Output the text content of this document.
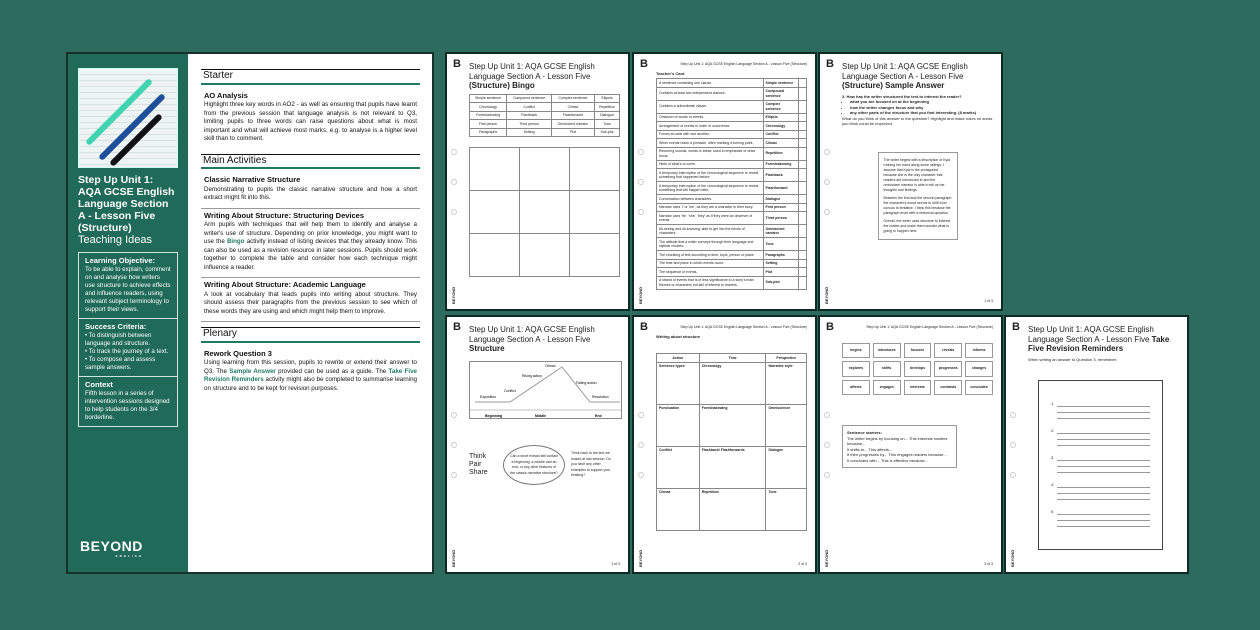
Step Up Unit 1: AQA GCSE English Language Section A - Lesson Five (Structure)
Teaching Ideas
Learning Objective:

To be able to explain, comment on and analyse how writers use structure to achieve effects and influence readers, using relevant subject terminology to support their views.

Success Criteria:
• To distinguish between language and structure.
• To track the journey of a text.
• To compose and assess sample answers.
Context

Fifth lesson in a series of intervention sessions designed to help students on the 3/4 borderline.

BEYOND
ENGLISH
Starter
AO Analysis

Highlight three key words in AO2 - as well as ensuring that pupils have learnt from the previous session that language analysis is not relevant to Q3, limiting pupils to three words can raise questions about what is most important and what will achieve most marks, e.g. to analyse is a higher level skill than to comment.

Main Activities
Classic Narrative Structure

Demonstrating to pupils the classic narrative structure and how a short extract might fit into this.

Writing About Structure: Structuring Devices

Arm pupils with techniques that will help them to identify and analyse a writer's use of structure. Depending on prior knowledge, you might want to use the Bingo activity instead of listing devices that they already know. This can also be used as a revision resource in later sessions. Pupils should work together to complete the table and consider how each technique might influence a reader.

Writing About Structure: Academic Language

A look at vocabulary that leads pupils into writing about structure. They should assess their paragraphs from the previous session to see which of these words they are using and which might help them to improve.

Plenary
Rework Question 3

Using learning from this session, pupils to rewrite or extend their answer to Q3. The Sample Answer provided can be used as a guide. The Take Five Revision Reminders activity might also be completed to summarise learning on structure and to be kept for revision purposes.

B Step Up Unit 1: AQA GCSE English Language Section A - Lesson Five (Structure) Bingo
Simple sentence	Compound sentence	Complex sentence	Ellipsis
Chronology	Conflict	Climax	Repetition
Foreshadowing	Flashback	Flashforward	Dialogue
First person	Third person	Omniscient narrator	Tone
Paragraphs	Setting	Plot	Sub-plot

BEYOND
B	Step Up Unit 1: AQA GCSE English Language Section A - Lesson Five (Structure)
Teacher's Card
A sentence containing one clause.	Simple sentence	
Contains at least two independent clauses.	Compound sentence	
Contains a subordinate clause.	Complex sentence	
Omission of words or events.	Ellipsis	
Arrangement of events in order of occurrence.	Chronology	
Forces at odds with one another.	Conflict	
When events reach a pinnacle, often marking a turning point.	Climax	
Recurring sounds, words or ideas; used to emphasise or draw focus.	Repetition	
Hints of what's to come.	Foreshadowing	
A temporary interruption of the chronological sequence to reveal something that happened before.	Flashback	
A temporary interruption of the chronological sequence to reveal something that will happen later.	Flashforward	
Conversation between characters.	Dialogue	
Narrator uses 'I' or 'me', as they are a character in their story.	First person	
Narrator uses 'he', 'she', 'they' as if they were an observer of events.	Third person	
All-seeing and all-knowing; able to get into the minds of characters.	Omniscient narrator	
The attitude that a writer conveys through their language and stylistic choices.	Tone	
The chunking of text according to time, topic, person or place.	Paragraphs	
The time and place in which events occur.	Setting	
The sequence of events.	Plot	
A strand of events that is of less significance to a story's main themes or characters but still of interest to readers.	Sub-plot	
BEYOND
B Step Up Unit 1: AQA GCSE English Language Section A - Lesson Five (Structure) Sample Answer

3. How has the writer structured the text to interest the reader?

• what you are focused on at the beginning
• how the writer changes focus and why
• any other parts of the structure that you find interesting. (8 marks)

What do you think of this answer to the question? Highlight and make notes on areas you think could be improved.

The writer begins with a description of Kyla running her hand along some railings. I assume that Kyla is the protagonist because she is the only character that readers are introduced to and the omniscient narrator is able to tell us her thoughts and feelings.

Between the first and the second paragraph the character's mood seems to shift from curious to tentative. I think this because the paragraph ends with a rhetorical question.

Overall, the writer uses structure to interest the reader and make them wonder what is going to happen next.

1 of 3
BEYOND
B Step Up Unit 1: AQA GCSE English Language Section A - Lesson Five Structure
Exposition
Conflict
Rising action
Climax
Falling action
Resolution
Beginning	Middle	End
Think Pair Share
Can a short extract still contain a beginning, a middle and an end, or any other features of the classic narrative structure?
Think back to the text we looked at last session. Do you have any other examples to support your thinking?
1 of 3
BEYOND
B	Step Up Unit 1: AQA GCSE English Language Section A - Lesson Five (Structure)
Writing about structure
Action	Time	Perspective
Sentence types	Chronology	Narrative style
Punctuation	Foreshadowing	Omniscience
Conflict	Flashback/ Flashforwards	Dialogue
Climax	Repetition	Tone
2 of 3
BEYOND
B	Step Up Unit 1: AQA GCSE English Language Section A - Lesson Five (Structure)
begins	introduces	focuses	reveals	informs
explores	shifts	develops	progresses	changes
affects	engages	interests	contrasts	concludes
Sentence starters:

The writer begins by focusing on... This interests readers because...

It shifts to... This affects...

It then progresses by... This engages readers because...

It concludes with... This is effective because...

3 of 3
BEYOND
B Step Up Unit 1: AQA GCSE English Language Section A - Lesson Five Take Five Revision Reminders

When writing an answer to Question 3, remember:

1.
2.
3.
4.
5.
BEYOND
